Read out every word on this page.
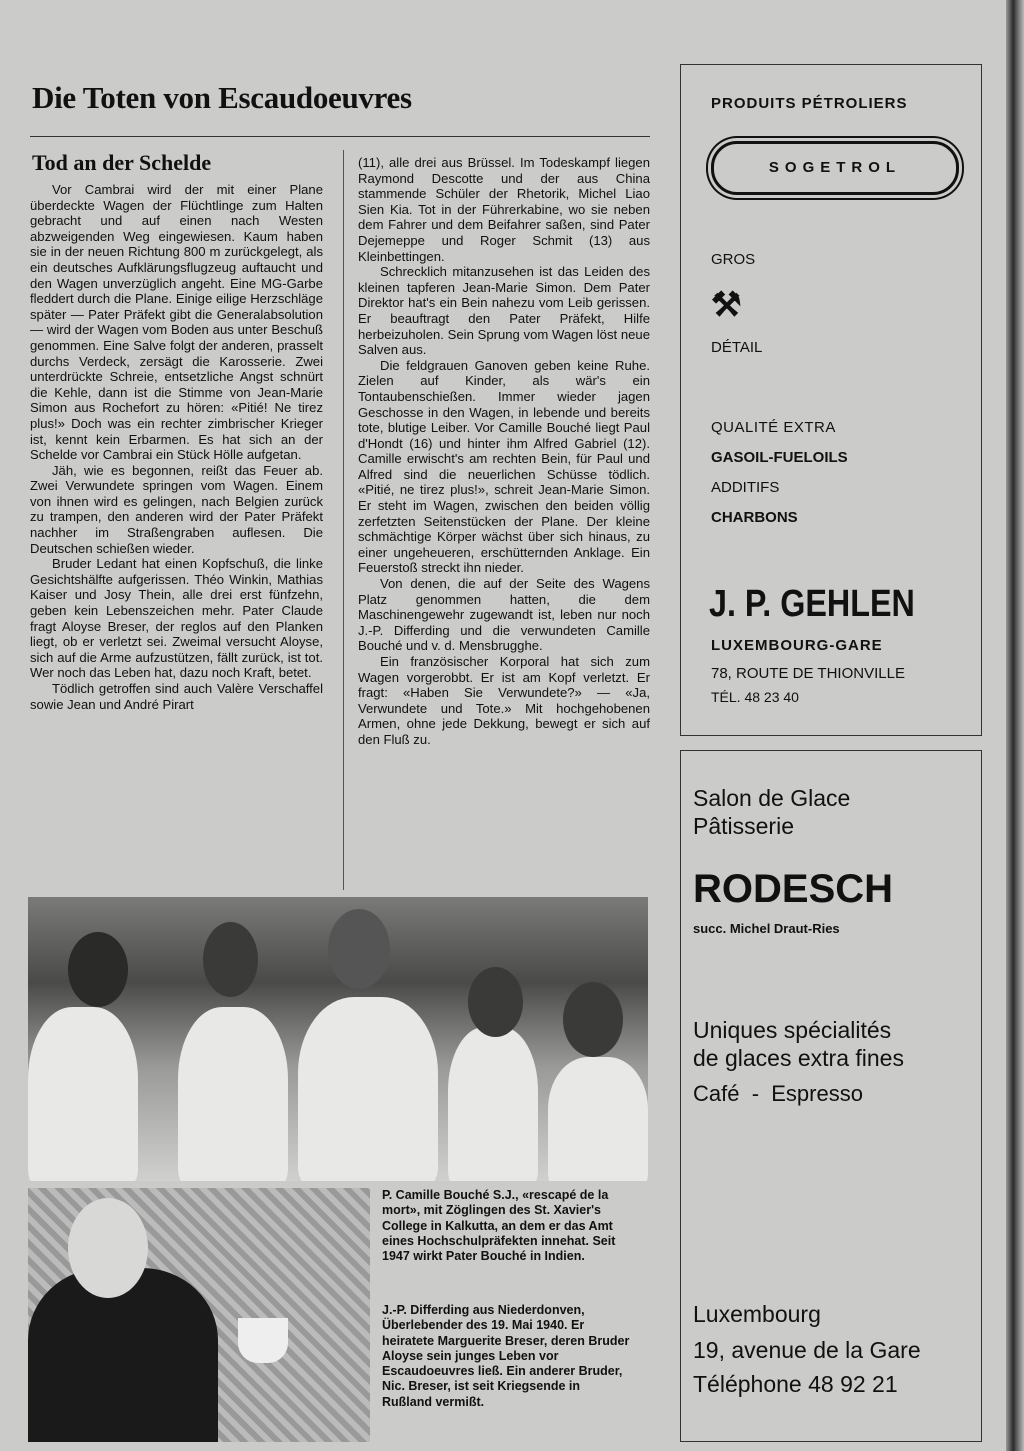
Die Toten von Escaudoeuvres
Tod an der Schelde

Vor Cambrai wird der mit einer Plane überdeckte Wagen der Flüchtlinge zum Halten gebracht und auf einen nach Westen abzweigenden Weg eingewiesen. Kaum haben sie in der neuen Richtung 800 m zurückgelegt, als ein deutsches Aufklärungsflugzeug auftaucht und den Wagen unverzüglich angeht. Eine MG-Garbe fleddert durch die Plane. Einige eilige Herzschläge später — Pater Präfekt gibt die Generalabsolution — wird der Wagen vom Boden aus unter Beschuß genommen. Eine Salve folgt der anderen, prasselt durchs Verdeck, zersägt die Karosserie. Zwei unterdrückte Schreie, entsetzliche Angst schnürt die Kehle, dann ist die Stimme von Jean-Marie Simon aus Rochefort zu hören: «Pitié! Ne tirez plus!» Doch was ein rechter zimbrischer Krieger ist, kennt kein Erbarmen. Es hat sich an der Schelde vor Cambrai ein Stück Hölle aufgetan.

Jäh, wie es begonnen, reißt das Feuer ab. Zwei Verwundete springen vom Wagen. Einem von ihnen wird es gelingen, nach Belgien zurück zu trampen, den anderen wird der Pater Präfekt nachher im Straßengraben auflesen. Die Deutschen schießen wieder.

Bruder Ledant hat einen Kopfschuß, die linke Gesichtshälfte aufgerissen. Théo Winkin, Mathias Kaiser und Josy Thein, alle drei erst fünfzehn, geben kein Lebenszeichen mehr. Pater Claude fragt Aloyse Breser, der reglos auf den Planken liegt, ob er verletzt sei. Zweimal versucht Aloyse, sich auf die Arme aufzustützen, fällt zurück, ist tot. Wer noch das Leben hat, dazu noch Kraft, betet.

Tödlich getroffen sind auch Valère Verschaffel sowie Jean und André Pirart

(11), alle drei aus Brüssel. Im Todeskampf liegen Raymond Descotte und der aus China stammende Schüler der Rhetorik, Michel Liao Sien Kia. Tot in der Führerkabine, wo sie neben dem Fahrer und dem Beifahrer saßen, sind Pater Dejemeppe und Roger Schmit (13) aus Kleinbettingen.

Schrecklich mitanzusehen ist das Leiden des kleinen tapferen Jean-Marie Simon. Dem Pater Direktor hat's ein Bein nahezu vom Leib gerissen. Er beauftragt den Pater Präfekt, Hilfe herbeizuholen. Sein Sprung vom Wagen löst neue Salven aus.

Die feldgrauen Ganoven geben keine Ruhe. Zielen auf Kinder, als wär's ein Tontaubenschießen. Immer wieder jagen Geschosse in den Wagen, in lebende und bereits tote, blutige Leiber. Vor Camille Bouché liegt Paul d'Hondt (16) und hinter ihm Alfred Gabriel (12). Camille erwischt's am rechten Bein, für Paul und Alfred sind die neuerlichen Schüsse tödlich. «Pitié, ne tirez plus!», schreit Jean-Marie Simon. Er steht im Wagen, zwischen den beiden völlig zerfetzten Seitenstücken der Plane. Der kleine schmächtige Körper wächst über sich hinaus, zu einer ungeheueren, erschütternden Anklage. Ein Feuerstoß streckt ihn nieder.

Von denen, die auf der Seite des Wagens Platz genommen hatten, die dem Maschinengewehr zugewandt ist, leben nur noch J.-P. Differding und die verwundeten Camille Bouché und v. d. Mensbrugghe.

Ein französischer Korporal hat sich zum Wagen vorgerobbt. Er ist am Kopf verletzt. Er fragt: «Haben Sie Verwundete?» — «Ja, Verwundete und Tote.» Mit hochgehobenen Armen, ohne jede Dekkung, bewegt er sich auf den Fluß zu.

P. Camille Bouché S.J., «rescapé de la mort», mit Zöglingen des St. Xavier's College in Kalkutta, an dem er das Amt eines Hochschulpräfekten innehat. Seit 1947 wirkt Pater Bouché in Indien.
J.-P. Differding aus Niederdonven, Überlebender des 19. Mai 1940. Er heiratete Marguerite Breser, deren Bruder Aloyse sein junges Leben vor Escaudoeuvres ließ. Ein anderer Bruder, Nic. Breser, ist seit Kriegsende in Rußland vermißt.
PRODUITS PÉTROLIERS
SOGETROL
GROS
⚒
DÉTAIL
QUALITÉ EXTRA
GASOIL-FUELOILS
ADDITIFS
CHARBONS
J. P. GEHLEN
LUXEMBOURG-GARE
78, ROUTE DE THIONVILLE
TÉL. 48 23 40
Salon de Glace
Pâtisserie
RODESCH
succ. Michel Draut-Ries
Uniques spécialités
de glaces extra fines
Café  -  Espresso
Luxembourg
19, avenue de la Gare
Téléphone 48 92 21
